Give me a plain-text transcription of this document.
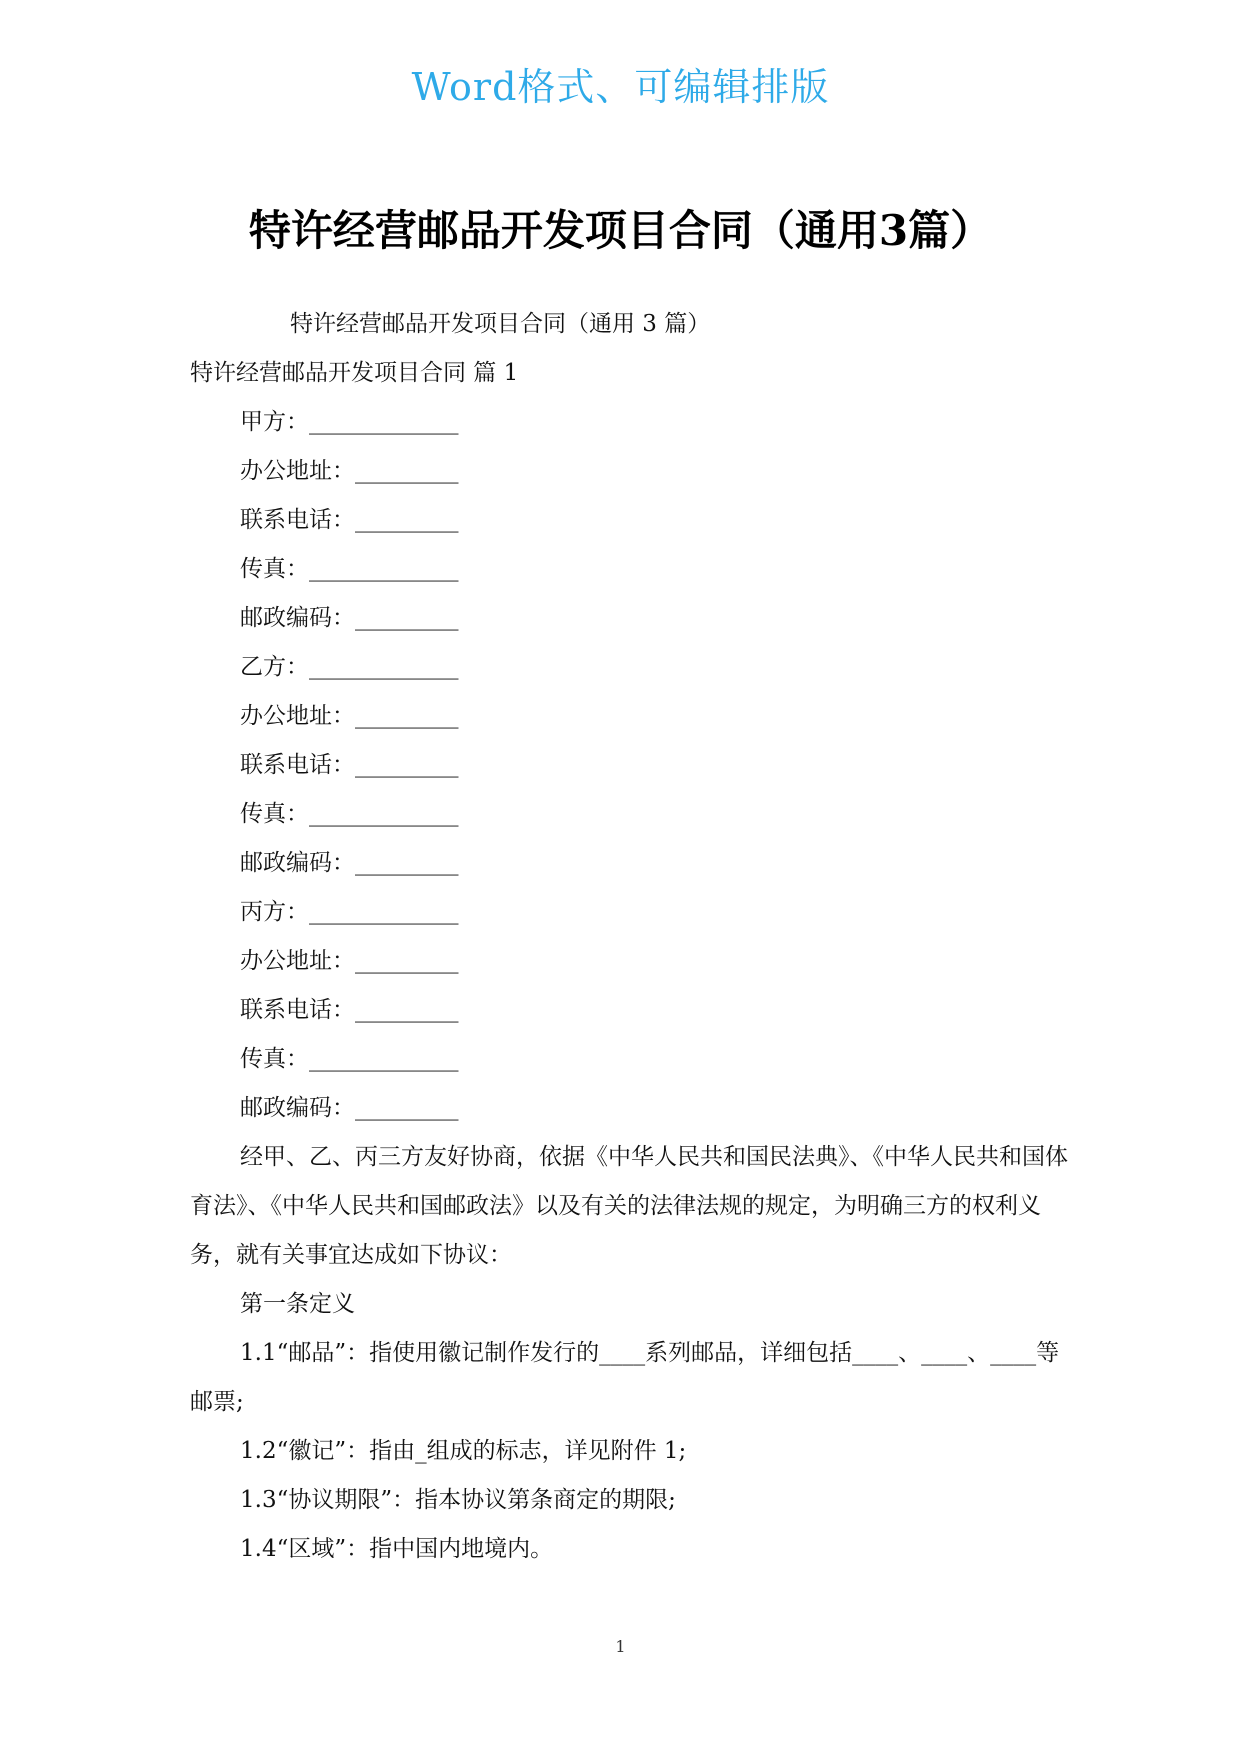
Word格式、可编辑排版
特许经营邮品开发项目合同（通用3篇）
特许经营邮品开发项目合同（通用 3 篇）
特许经营邮品开发项目合同 篇 1
甲方：_____________
办公地址：_________
联系电话：_________
传真：_____________
邮政编码：_________
乙方：_____________
办公地址：_________
联系电话：_________
传真：_____________
邮政编码：_________
丙方：_____________
办公地址：_________
联系电话：_________
传真：_____________
邮政编码：_________
经甲、乙、丙三方友好协商，依据《中华人民共和国民法典》、《中华人民共和国体育法》、《中华人民共和国邮政法》以及有关的法律法规的规定，为明确三方的权利义务，就有关事宜达成如下协议：
第一条定义
1.1“邮品”：指使用徽记制作发行的____系列邮品，详细包括____、____、____等邮票;
1.2“徽记”：指由_组成的标志，详见附件 1;
1.3“协议期限”：指本协议第条商定的期限;
1.4“区域”：指中国内地境内。
1
